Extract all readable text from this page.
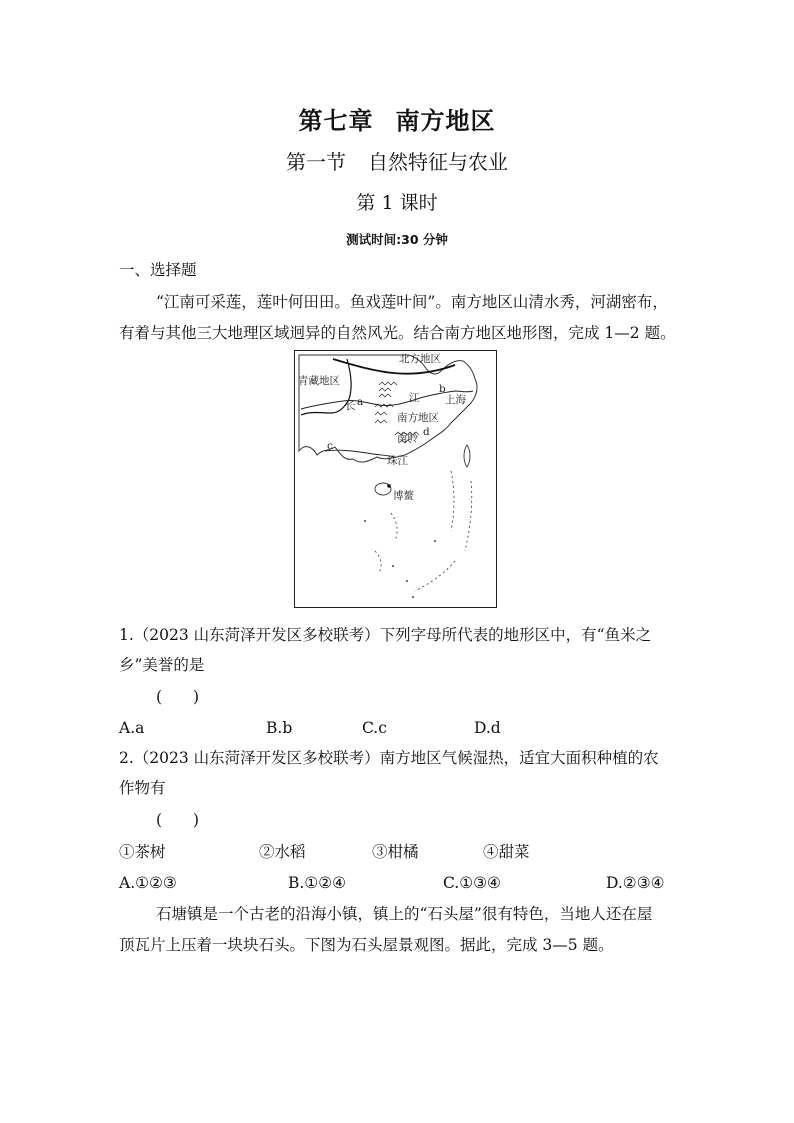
第七章 南方地区
第一节 自然特征与农业
第 1 课时
测试时间:30 分钟
一、选择题
“江南可采莲，莲叶何田田。鱼戏莲叶间”。南方地区山清水秀，河湖密布，
有着与其他三大地理区域迥异的自然风光。结合南方地区地形图，完成 1—2 题。
北方地区
青藏地区
b
上海
江
长 a
南方地区
d
南岭
c
珠江
博鳌
1.（2023 山东菏泽开发区多校联考）下列字母所代表的地形区中，有“鱼米之
乡”美誉的是
(　　)
A.a	B.b	C.c	D.d
2.（2023 山东菏泽开发区多校联考）南方地区气候湿热，适宜大面积种植的农
作物有
(　　)
①茶树	②水稻	③柑橘	④甜菜
A.①②③	B.①②④	C.①③④	D.②③④
石塘镇是一个古老的沿海小镇，镇上的“石头屋”很有特色，当地人还在屋
顶瓦片上压着一块块石头。下图为石头屋景观图。据此，完成 3—5 题。
